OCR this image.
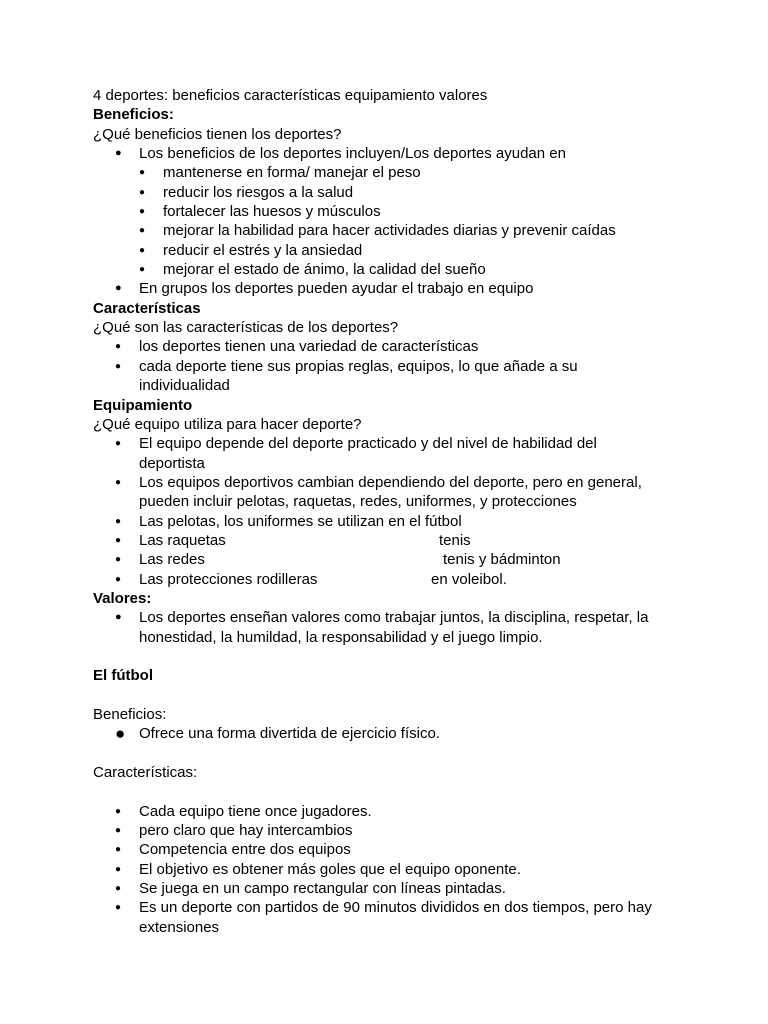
4 deportes: beneficios características equipamiento valores

Beneficios:

¿Qué beneficios tienen los deportes?

● Los beneficios de los deportes incluyen/Los deportes ayudan en
● mantenerse en forma/ manejar el peso
● reducir los riesgos a la salud
● fortalecer las huesos y músculos
● mejorar la habilidad para hacer actividades diarias y prevenir caídas
● reducir el estrés y la ansiedad
● mejorar el estado de ánimo, la calidad del sueño
● En grupos los deportes pueden ayudar el trabajo en equipo

Características

¿Qué son las características de los deportes?

● los deportes tienen una variedad de características
● cada deporte tiene sus propias reglas, equipos, lo que añade a su individualidad

Equipamiento

¿Qué equipo utiliza para hacer deporte?

● El equipo depende del deporte practicado y del nivel de habilidad del deportista
● Los equipos deportivos cambian dependiendo del deporte, pero en general, pueden incluir pelotas, raquetas, redes, uniformes, y protecciones
● Las pelotas, los uniformes se utilizan en el fútbol
● Las raquetas	tenis
● Las redes	tenis y bádminton
● Las protecciones rodilleras	en voleibol.

Valores:

● Los deportes enseñan valores como trabajar juntos, la disciplina, respetar, la honestidad, la humildad, la responsabilidad y el juego limpio.

El fútbol

Beneficios:

● Ofrece una forma divertida de ejercicio físico.

Características:

● Cada equipo tiene once jugadores.
● pero claro que hay intercambios
● Competencia entre dos equipos
● El objetivo es obtener más goles que el equipo oponente.
● Se juega en un campo rectangular con líneas pintadas.
● Es un deporte con partidos de 90 minutos divididos en dos tiempos, pero hay extensiones
